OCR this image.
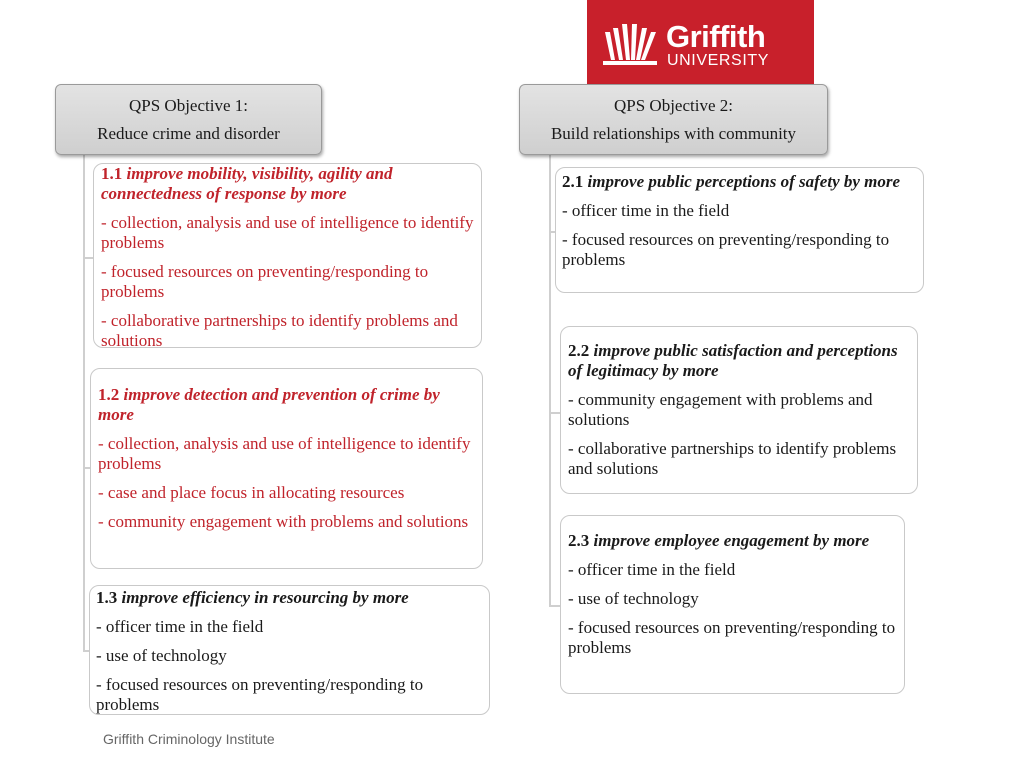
Griffith
UNIVERSITY
QPS Objective 1:
Reduce crime and disorder
QPS Objective 2:
Build relationships with community

1.1 improve mobility, visibility, agility and connectedness of response by more

- collection, analysis and use of intelligence to identify problems

- focused resources on preventing/responding to problems

- collaborative partnerships to identify problems and solutions

1.2 improve detection and prevention of crime by more

- collection, analysis and use of intelligence to identify problems

- case and place focus in allocating resources

- community engagement with problems and solutions

1.3 improve efficiency in resourcing by more

- officer time in the field

- use of technology

- focused resources on preventing/responding to problems

2.1 improve public perceptions of safety by more

- officer time in the field

- focused resources on preventing/responding to problems

2.2 improve public satisfaction and perceptions of legitimacy by more

- community engagement with problems and solutions

- collaborative partnerships to identify problems and solutions

2.3 improve employee engagement by more

- officer time in the field

- use of technology

- focused resources on preventing/responding to problems

Griffith Criminology Institute
